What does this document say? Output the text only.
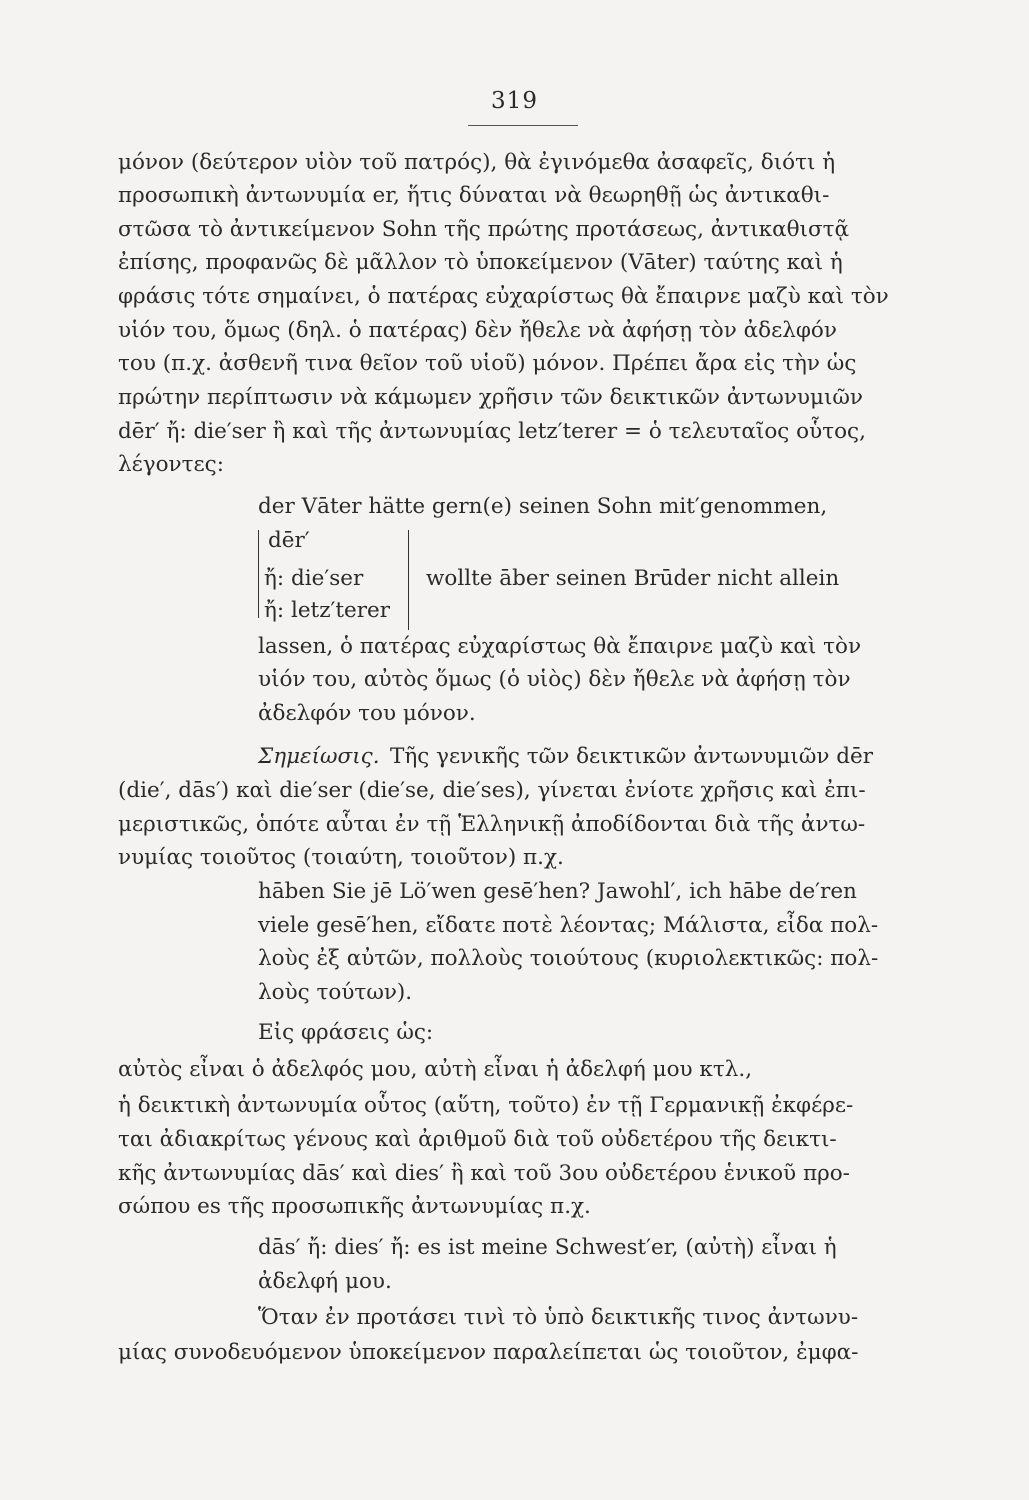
319
μόνον (δεύτερον υἱὸν τοῦ πατρός), θὰ ἐγινόμεθα ἀσαφεῖς, διότι ἡ
προσωπικὴ ἀντωνυμία er, ἥτις δύναται νὰ θεωρηθῇ ὡς ἀντικαθι-
στῶσα τὸ ἀντικείμενον Sohn τῆς πρώτης προτάσεως, ἀντικαθιστᾷ
ἐπίσης, προφανῶς δὲ μᾶλλον τὸ ὑποκείμενον (Vāter) ταύτης καὶ ἡ
φράσις τότε σημαίνει, ὁ πατέρας εὐχαρίστως θὰ ἔπαιρνε μαζὺ καὶ τὸν
υἱόν του, ὅμως (δηλ. ὁ πατέρας) δὲν ἤθελε νὰ ἀφήσῃ τὸν ἀδελφόν
του (π.χ. ἀσθενῆ τινα θεῖον τοῦ υἱοῦ) μόνον. Πρέπει ἄρα εἰς τὴν ὡς
πρώτην περίπτωσιν νὰ κάμωμεν χρῆσιν τῶν δεικτικῶν ἀντωνυμιῶν
dēr′ ἤ: die′ser ἢ καὶ τῆς ἀντωνυμίας letz′terer = ὁ τελευταῖος οὗτος,
λέγοντες:
der Vāter hätte gern(e) seinen Sohn mit′genommen,
dēr′
ἤ: die′ser
ἤ: letz′terer
wollte āber seinen Brūder nicht allein
lassen, ὁ πατέρας εὐχαρίστως θὰ ἔπαιρνε μαζὺ καὶ τὸν
υἱόν του, αὐτὸς ὅμως (ὁ υἱὸς) δὲν ἤθελε νὰ ἀφήσῃ τὸν
ἀδελφόν του μόνον.
Σημείωσις. Τῆς γενικῆς τῶν δεικτικῶν ἀντωνυμιῶν dēr
(die′, dās′) καὶ die′ser (die′se, die′ses), γίνεται ἐνίοτε χρῆσις καὶ ἐπι-
μεριστικῶς, ὁπότε αὗται ἐν τῇ Ἑλληνικῇ ἀποδίδονται διὰ τῆς ἀντω-
νυμίας τοιοῦτος (τοιαύτη, τοιοῦτον) π.χ.
hāben Sie jē Lö′wen gesē′hen? Jawohl′, ich hābe de′ren
viele gesē′hen, εἴδατε ποτὲ λέοντας; Μάλιστα, εἶδα πολ-
λοὺς ἐξ αὐτῶν, πολλοὺς τοιούτους (κυριολεκτικῶς: πολ-
λοὺς τούτων).
Εἰς φράσεις ὡς:
αὐτὸς εἶναι ὁ ἀδελφός μου, αὐτὴ εἶναι ἡ ἀδελφή μου κτλ.,
ἡ δεικτικὴ ἀντωνυμία οὗτος (αὕτη, τοῦτο) ἐν τῇ Γερμανικῇ ἐκφέρε-
ται ἀδιακρίτως γένους καὶ ἀριθμοῦ διὰ τοῦ οὐδετέρου τῆς δεικτι-
κῆς ἀντωνυμίας dās′ καὶ dies′ ἢ καὶ τοῦ 3ου οὐδετέρου ἑνικοῦ προ-
σώπου es τῆς προσωπικῆς ἀντωνυμίας π.χ.
dās′ ἤ: dies′ ἤ: es ist meine Schwest′er, (αὐτὴ) εἶναι ἡ
ἀδελφή μου.
Ὅταν ἐν προτάσει τινὶ τὸ ὑπὸ δεικτικῆς τινος ἀντωνυ-
μίας συνοδευόμενον ὑποκείμενον παραλείπεται ὡς τοιοῦτον, ἐμφα-
